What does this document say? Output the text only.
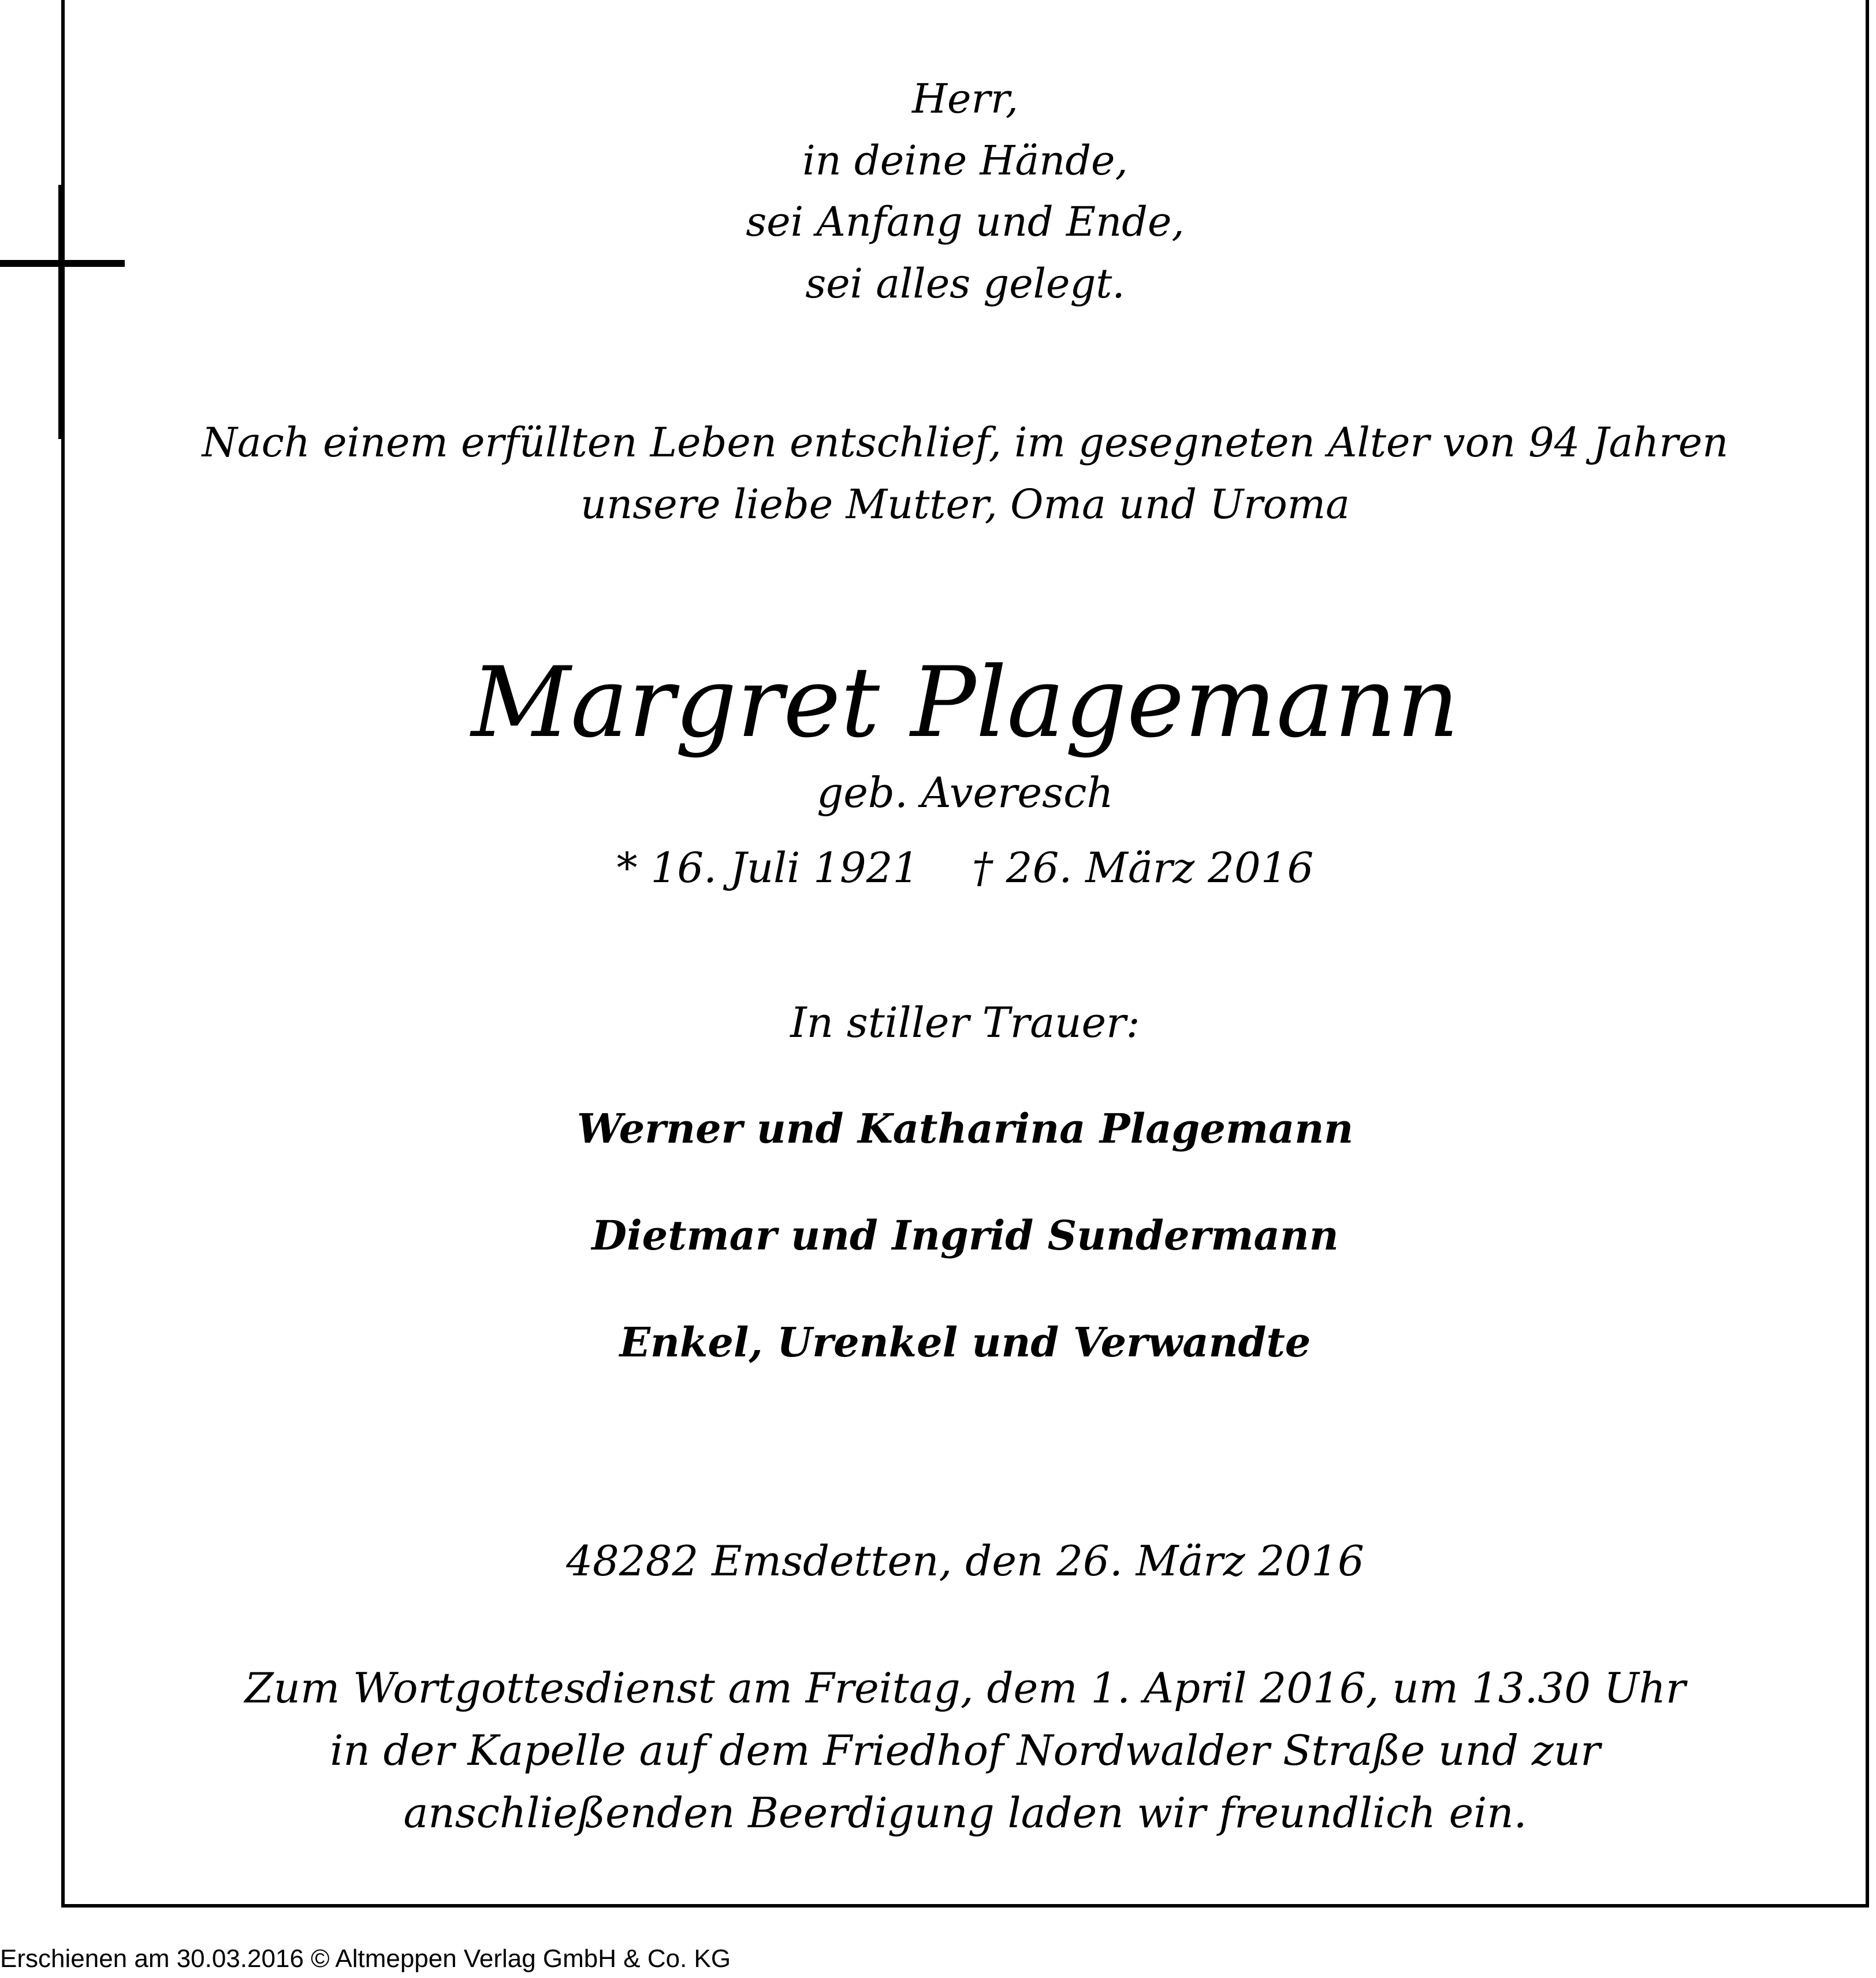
Herr,
in deine Hände,
sei Anfang und Ende,
sei alles gelegt.
Nach einem erfüllten Leben entschlief, im gesegneten Alter von 94 Jahren
unsere liebe Mutter, Oma und Uroma
Margret Plagemann
geb. Averesch
* 16. Juli 1921    † 26. März 2016
In stiller Trauer:
Werner und Katharina Plagemann
Dietmar und Ingrid Sundermann
Enkel, Urenkel und Verwandte
48282 Emsdetten, den 26. März 2016
Zum Wortgottesdienst am Freitag, dem 1. April 2016, um 13.30 Uhr
in der Kapelle auf dem Friedhof Nordwalder Straße und zur
anschließenden Beerdigung laden wir freundlich ein.
Erschienen am 30.03.2016 © Altmeppen Verlag GmbH & Co. KG
